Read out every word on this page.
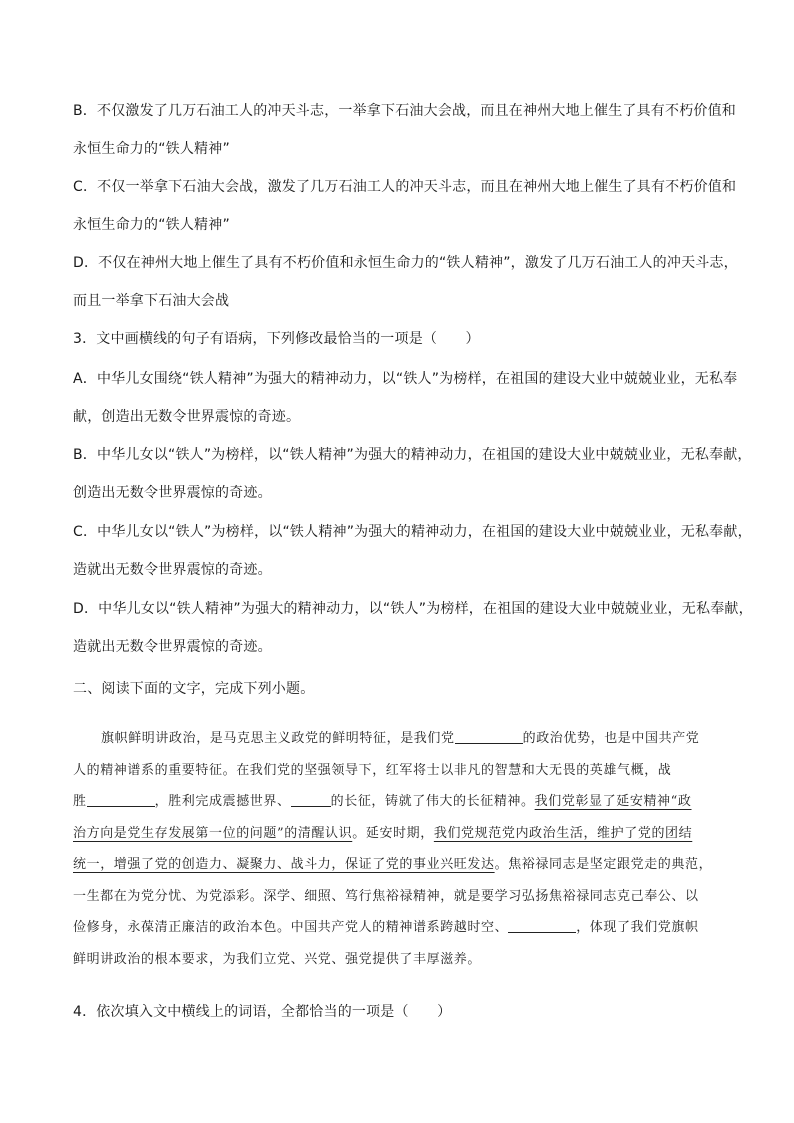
B．不仅激发了几万石油工人的冲天斗志，一举拿下石油大会战，而且在神州大地上催生了具有不朽价值和
永恒生命力的“铁人精神”

C．不仅一举拿下石油大会战，激发了几万石油工人的冲天斗志，而且在神州大地上催生了具有不朽价值和
永恒生命力的“铁人精神”

D．不仅在神州大地上催生了具有不朽价值和永恒生命力的“铁人精神”，激发了几万石油工人的冲天斗志，
而且一举拿下石油大会战

3．文中画横线的句子有语病，下列修改最恰当的一项是（　　）

A．中华儿女围绕“铁人精神”为强大的精神动力，以“铁人”为榜样，在祖国的建设大业中兢兢业业，无私奉
献，创造出无数令世界震惊的奇迹。

B．中华儿女以“铁人”为榜样，以“铁人精神”为强大的精神动力，在祖国的建设大业中兢兢业业，无私奉献，
创造出无数令世界震惊的奇迹。

C．中华儿女以“铁人”为榜样，以“铁人精神”为强大的精神动力，在祖国的建设大业中兢兢业业，无私奉献，
造就出无数令世界震惊的奇迹。

D．中华儿女以“铁人精神”为强大的精神动力，以“铁人”为榜样，在祖国的建设大业中兢兢业业，无私奉献，
造就出无数令世界震惊的奇迹。

二、阅读下面的文字，完成下列小题。

旗帜鲜明讲政治，是马克思主义政党的鲜明特征，是我们党	的政治优势，也是中国共产党
人的精神谱系的重要特征。在我们党的坚强领导下，红军将士以非凡的智慧和大无畏的英雄气概，战
胜	，胜利完成震撼世界、	的长征，铸就了伟大的长征精神。我们党彰显了延安精神“政
治方向是党生存发展第一位的问题”的清醒认识。延安时期，我们党规范党内政治生活，维护了党的团结
统一，增强了党的创造力、凝聚力、战斗力，保证了党的事业兴旺发达。焦裕禄同志是坚定跟党走的典范，
一生都在为党分忧、为党添彩。深学、细照、笃行焦裕禄精神，就是要学习弘扬焦裕禄同志克己奉公、以
俭修身，永葆清正廉洁的政治本色。中国共产党人的精神谱系跨越时空、	，体现了我们党旗帜
鲜明讲政治的根本要求，为我们立党、兴党、强党提供了丰厚滋养。

4．依次填入文中横线上的词语，全都恰当的一项是（　　）
